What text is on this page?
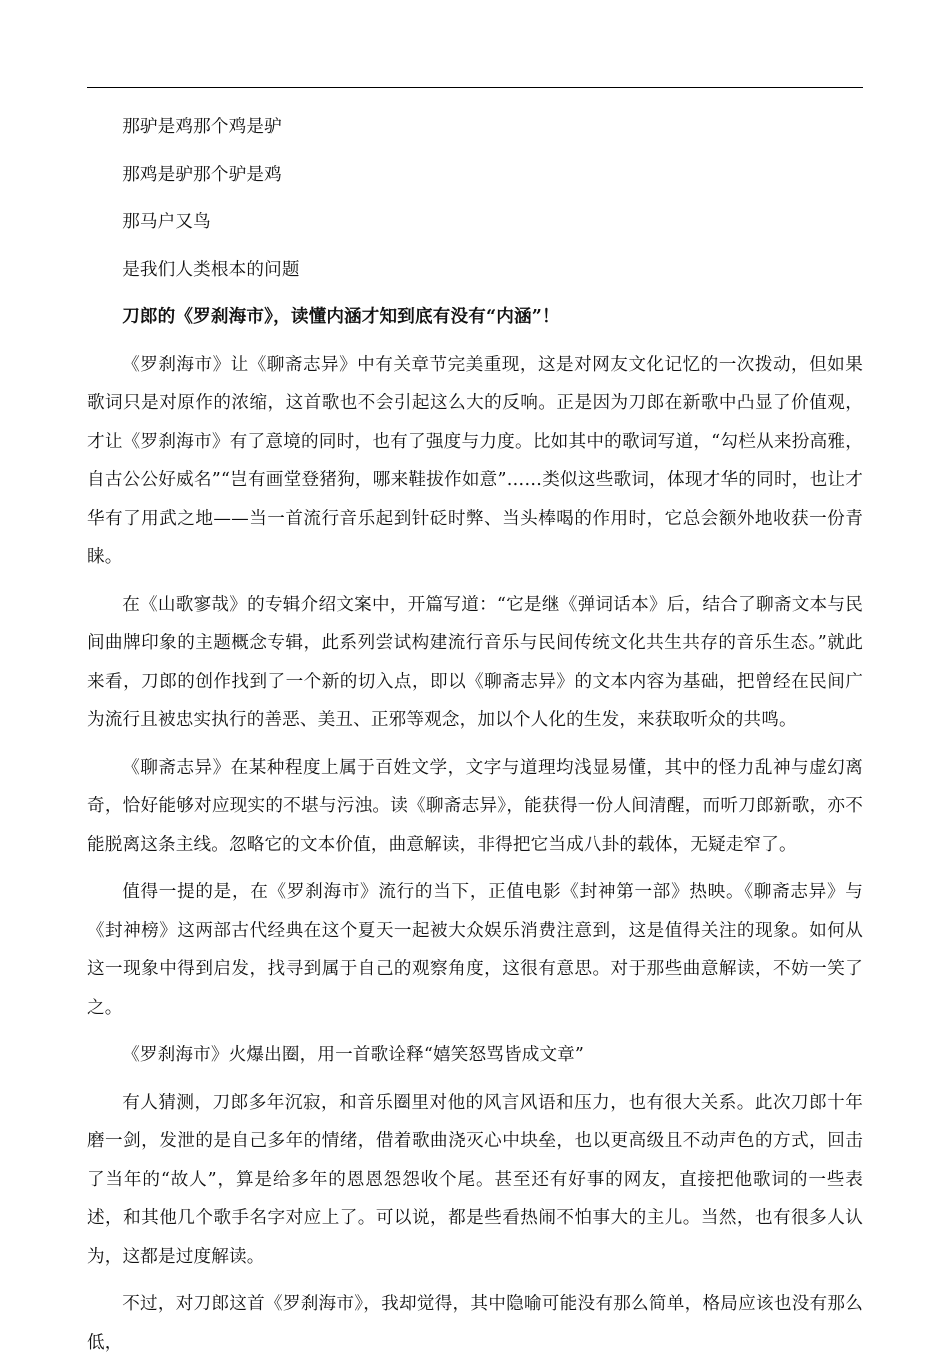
那驴是鸡那个鸡是驴

那鸡是驴那个驴是鸡

那马户又鸟

是我们人类根本的问题

刀郎的《罗刹海市》，读懂内涵才知到底有没有“内涵”！

《罗刹海市》让《聊斋志异》中有关章节完美重现，这是对网友文化记忆的一次拨动，但如果歌词只是对原作的浓缩，这首歌也不会引起这么大的反响。正是因为刀郎在新歌中凸显了价值观，才让《罗刹海市》有了意境的同时，也有了强度与力度。比如其中的歌词写道，“勾栏从来扮高雅，自古公公好威名”“岂有画堂登猪狗，哪来鞋拔作如意”……类似这些歌词，体现才华的同时，也让才华有了用武之地——当一首流行音乐起到针砭时弊、当头棒喝的作用时，它总会额外地收获一份青睐。

在《山歌寥哉》的专辑介绍文案中，开篇写道：“它是继《弹词话本》后，结合了聊斋文本与民间曲牌印象的主题概念专辑，此系列尝试构建流行音乐与民间传统文化共生共存的音乐生态。”就此来看，刀郎的创作找到了一个新的切入点，即以《聊斋志异》的文本内容为基础，把曾经在民间广为流行且被忠实执行的善恶、美丑、正邪等观念，加以个人化的生发，来获取听众的共鸣。

《聊斋志异》在某种程度上属于百姓文学，文字与道理均浅显易懂，其中的怪力乱神与虚幻离奇，恰好能够对应现实的不堪与污浊。读《聊斋志异》，能获得一份人间清醒，而听刀郎新歌，亦不能脱离这条主线。忽略它的文本价值，曲意解读，非得把它当成八卦的载体，无疑走窄了。

值得一提的是，在《罗刹海市》流行的当下，正值电影《封神第一部》热映。《聊斋志异》与《封神榜》这两部古代经典在这个夏天一起被大众娱乐消费注意到，这是值得关注的现象。如何从这一现象中得到启发，找寻到属于自己的观察角度，这很有意思。对于那些曲意解读，不妨一笑了之。

《罗刹海市》火爆出圈，用一首歌诠释“嬉笑怒骂皆成文章”

有人猜测，刀郎多年沉寂，和音乐圈里对他的风言风语和压力，也有很大关系。此次刀郎十年磨一剑，发泄的是自己多年的情绪，借着歌曲浇灭心中块垒，也以更高级且不动声色的方式，回击了当年的“故人”，算是给多年的恩恩怨怨收个尾。甚至还有好事的网友，直接把他歌词的一些表述，和其他几个歌手名字对应上了。可以说，都是些看热闹不怕事大的主儿。当然，也有很多人认为，这都是过度解读。

不过，对刀郎这首《罗刹海市》，我却觉得，其中隐喻可能没有那么简单，格局应该也没有那么低，
